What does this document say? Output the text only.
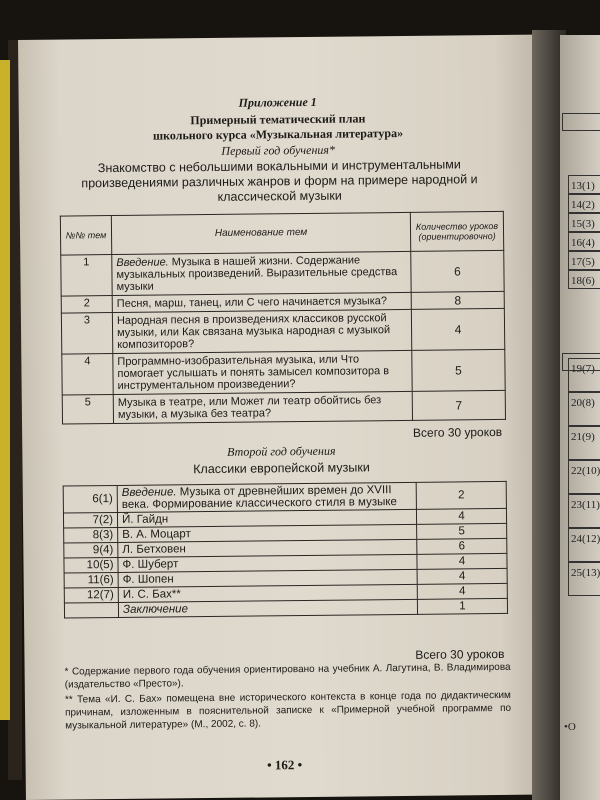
Приложение 1
Примерный тематический план
школьного курса «Музыкальная литература»
Первый год обучения*
Знакомство с небольшими вокальными и инструментальными произведениями различных жанров и форм на примере народной и классической музыки
№№ тем	Наименование тем	Количество уроков (ориентировочно)
1	Введение. Музыка в нашей жизни. Содержание музыкальных произведений. Выразительные средства музыки	6
2	Песня, марш, танец, или С чего начинается музыка?	8
3	Народная песня в произведениях классиков русской музыки, или Как связана музыка народная с музыкой композиторов?	4
4	Программно-изобразительная музыка, или Что помогает услышать и понять замысел композитора в инструментальном произведении?	5
5	Музыка в театре, или Может ли театр обойтись без музыки, а музыка без театра?	7
Всего 30 уроков
Второй год обучения
Классики европейской музыки
6(1)	Введение. Музыка от древнейших времен до XVIII века. Формирование классического стиля в музыке	2
7(2)	Й. Гайдн	4
8(3)	В. А. Моцарт	5
9(4)	Л. Бетховен	6
10(5)	Ф. Шуберт	4
11(6)	Ф. Шопен	4
12(7)	И. С. Бах**	4
	Заключение	1
Всего 30 уроков
* Содержание первого года обучения ориентировано на учебник А. Лагутина, В. Владимирова (издательство «Престо»).
** Тема «И. С. Бах» помещена вне исторического контекста в конце года по дидактическим причинам, изложенным в пояснительной записке к «Примерной учебной программе по музыкальной литературе» (М., 2002, с. 8).
• 162 •
13(1)
14(2)
15(3)
16(4)
17(5)
18(6)
19(7)
20(8)
21(9)
22(10)
23(11)
24(12)
25(13)
•О
